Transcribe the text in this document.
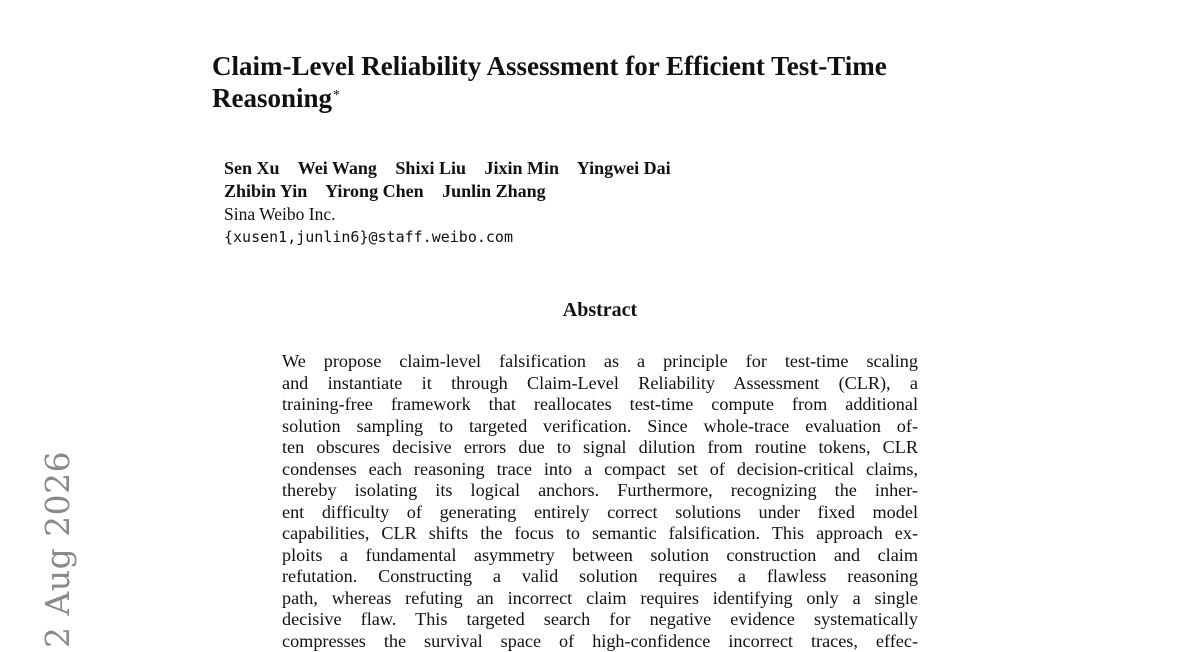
Claim-Level Reliability Assessment for Efficient Test-Time Reasoning*
Sen Xu Wei Wang Shixi Liu Jixin Min Yingwei Dai
Zhibin Yin Yirong Chen Junlin Zhang
Sina Weibo Inc.
{xusen1,junlin6}@staff.weibo.com
Abstract
We propose claim-level falsification as a principle for test-time scaling
and instantiate it through Claim-Level Reliability Assessment (CLR), a
training-free framework that reallocates test-time compute from additional
solution sampling to targeted verification. Since whole-trace evaluation of-
ten obscures decisive errors due to signal dilution from routine tokens, CLR
condenses each reasoning trace into a compact set of decision-critical claims,
thereby isolating its logical anchors. Furthermore, recognizing the inher-
ent difficulty of generating entirely correct solutions under fixed model
capabilities, CLR shifts the focus to semantic falsification. This approach ex-
ploits a fundamental asymmetry between solution construction and claim
refutation. Constructing a valid solution requires a flawless reasoning
path, whereas refuting an incorrect claim requires identifying only a single
decisive flaw. This targeted search for negative evidence systematically
compresses the survival space of high-confidence incorrect traces, effec-
2 Aug 2026
